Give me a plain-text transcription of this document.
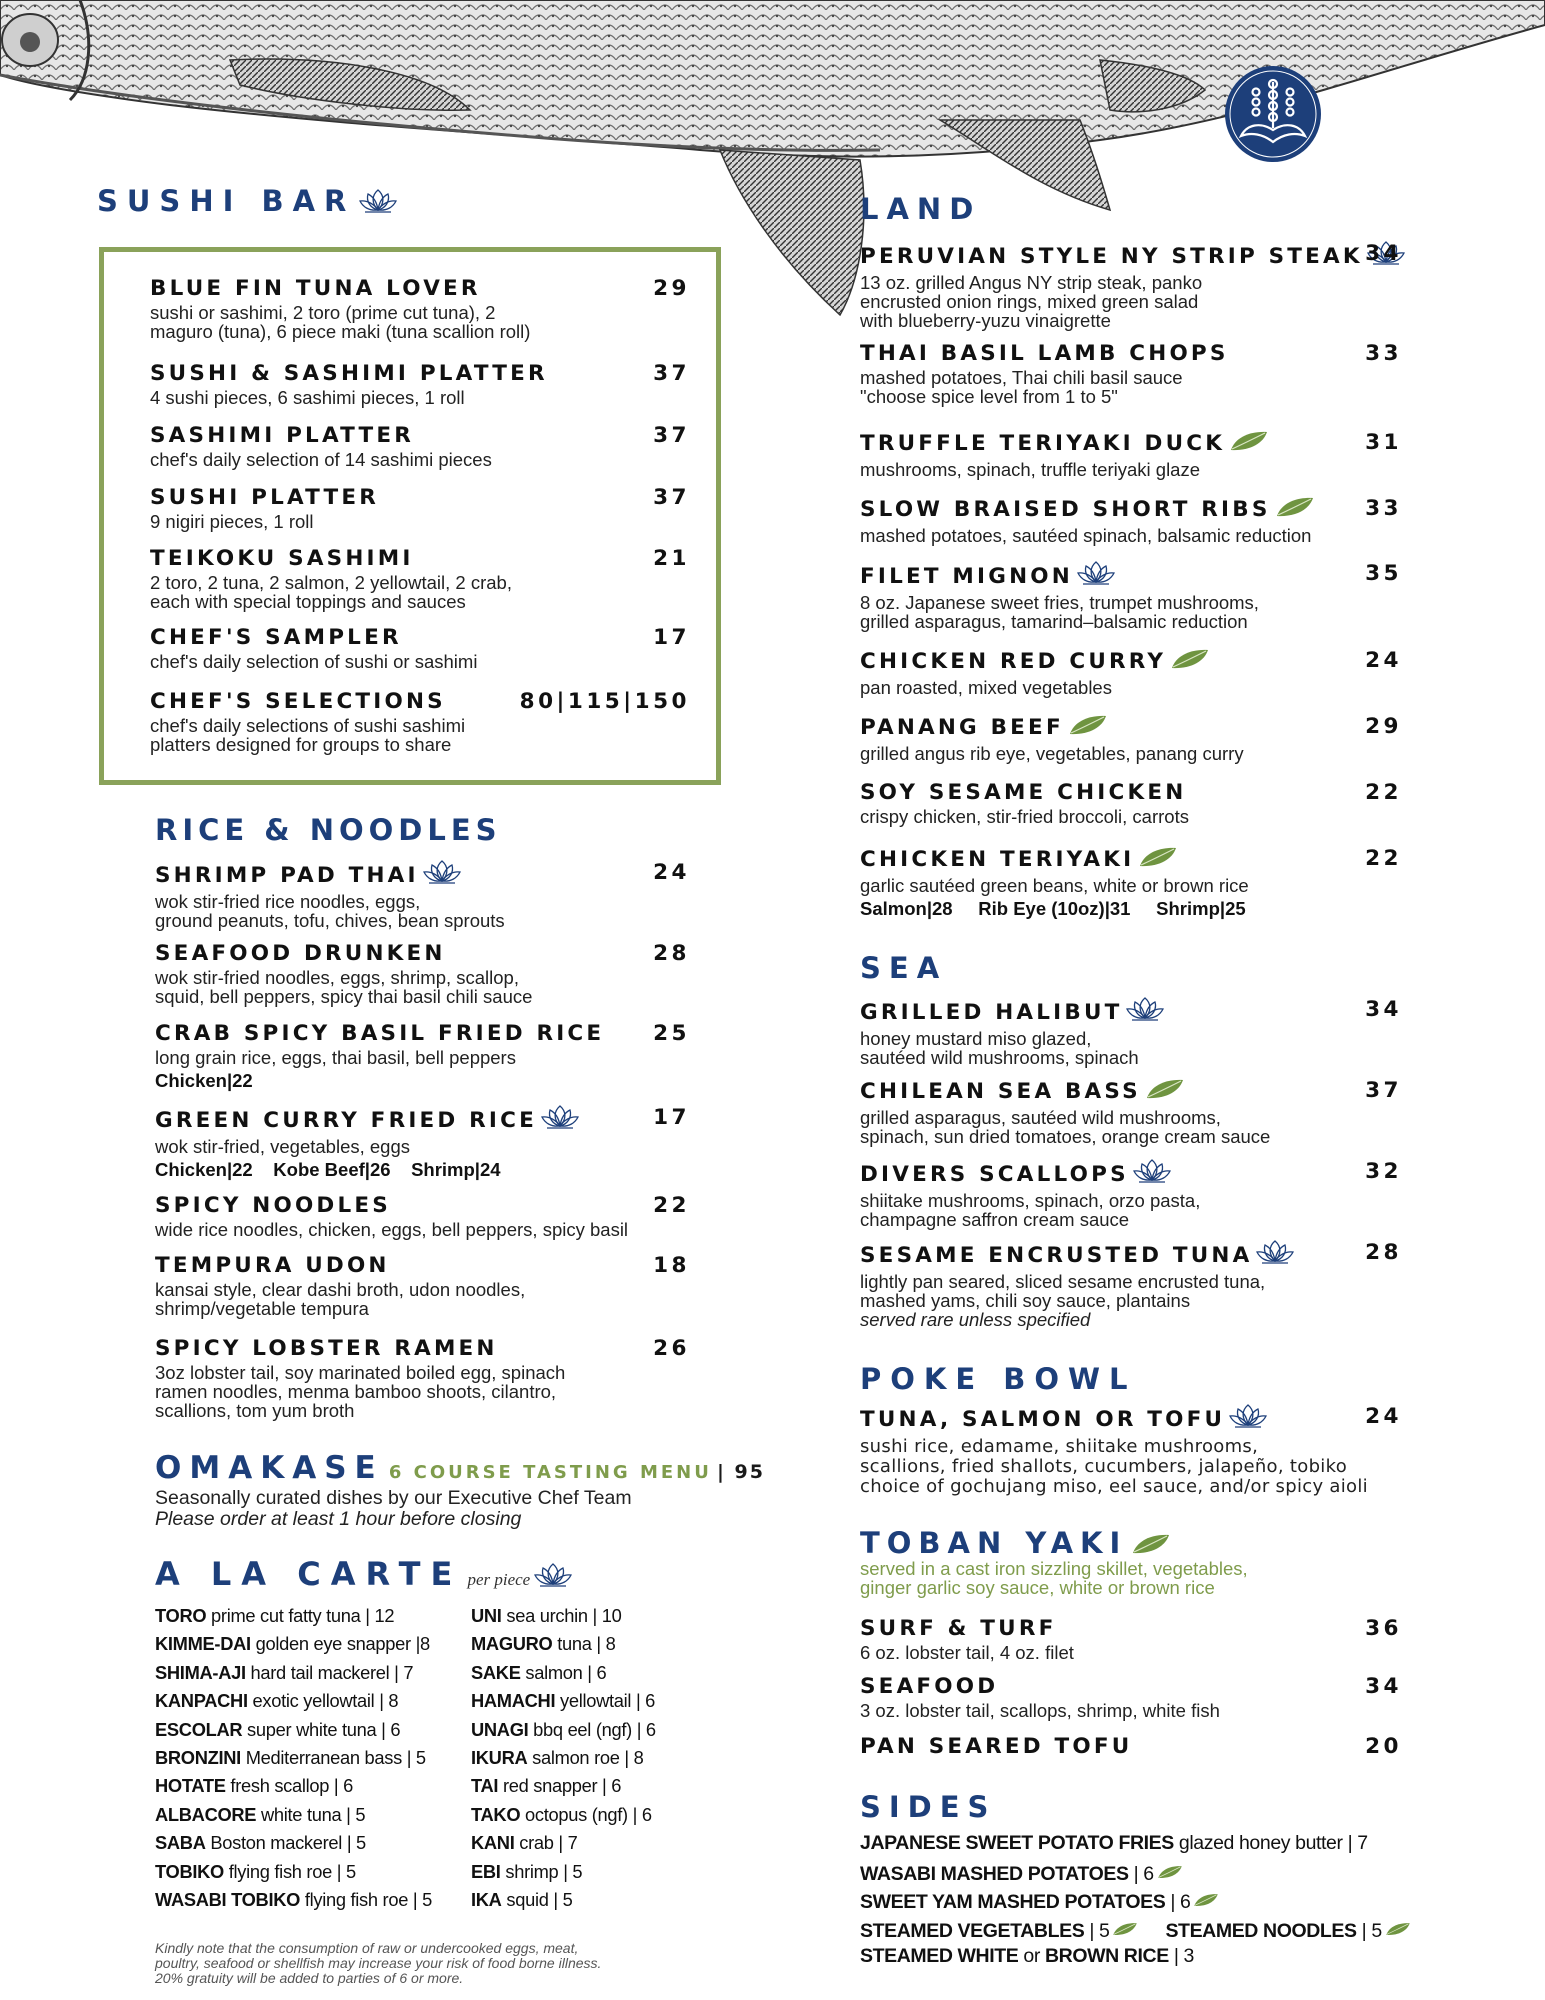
SUSHI BAR
BLUE FIN TUNA LOVER	29
sushi or sashimi, 2 toro (prime cut tuna), 2
maguro (tuna), 6 piece maki (tuna scallion roll)
SUSHI & SASHIMI PLATTER	37
4 sushi pieces, 6 sashimi pieces, 1 roll
SASHIMI PLATTER	37
chef's daily selection of 14 sashimi pieces
SUSHI PLATTER	37
9 nigiri pieces, 1 roll
TEIKOKU SASHIMI	21
2 toro, 2 tuna, 2 salmon, 2 yellowtail, 2 crab,
each with special toppings and sauces
CHEF'S SAMPLER	17
chef's daily selection of sushi or sashimi
CHEF'S SELECTIONS	80|115|150
chef's daily selections of sushi sashimi
platters designed for groups to share
RICE & NOODLES
SHRIMP PAD THAI	24
wok stir-fried rice noodles, eggs,
ground peanuts, tofu, chives, bean sprouts
SEAFOOD DRUNKEN	28
wok stir-fried noodles, eggs, shrimp, scallop,
squid, bell peppers, spicy thai basil chili sauce
CRAB SPICY BASIL FRIED RICE	25
long grain rice, eggs, thai basil, bell peppers
Chicken|22
GREEN CURRY FRIED RICE	17
wok stir-fried, vegetables, eggs
Chicken|22    Kobe Beef|26    Shrimp|24
SPICY NOODLES	22
wide rice noodles, chicken, eggs, bell peppers, spicy basil
TEMPURA UDON	18
kansai style, clear dashi broth, udon noodles,
shrimp/vegetable tempura
SPICY LOBSTER RAMEN	26
3oz lobster tail, soy marinated boiled egg, spinach
ramen noodles, menma bamboo shoots, cilantro,
scallions, tom yum broth
OMAKASE 6 COURSE TASTING MENU | 95
Seasonally curated dishes by our Executive Chef Team
Please order at least 1 hour before closing
A LA CARTE per piece
TORO prime cut fatty tuna | 12
KIMME-DAI golden eye snapper |8
SHIMA-AJI hard tail mackerel | 7
KANPACHI exotic yellowtail | 8
ESCOLAR super white tuna | 6
BRONZINI Mediterranean bass | 5
HOTATE fresh scallop | 6
ALBACORE white tuna | 5
SABA Boston mackerel | 5
TOBIKO flying fish roe | 5
WASABI TOBIKO flying fish roe | 5
UNI sea urchin | 10
MAGURO tuna | 8
SAKE salmon | 6
HAMACHI yellowtail | 6
UNAGI bbq eel (ngf) | 6
IKURA salmon roe | 8
TAI red snapper | 6
TAKO octopus (ngf) | 6
KANI crab | 7
EBI shrimp | 5
IKA squid | 5
Kindly note that the consumption of raw or undercooked eggs, meat,
poultry, seafood or shellfish may increase your risk of food borne illness.
20% gratuity will be added to parties of 6 or more.
LAND
PERUVIAN STYLE NY STRIP STEAK 34
13 oz. grilled Angus NY strip steak, panko
encrusted onion rings, mixed green salad
with blueberry-yuzu vinaigrette
THAI BASIL LAMB CHOPS	33
mashed potatoes, Thai chili basil sauce
"choose spice level from 1 to 5"
TRUFFLE TERIYAKI DUCK	31
mushrooms, spinach, truffle teriyaki glaze
SLOW BRAISED SHORT RIBS	33
mashed potatoes, sautéed spinach, balsamic reduction
FILET MIGNON	35
8 oz. Japanese sweet fries, trumpet mushrooms,
grilled asparagus, tamarind–balsamic reduction
CHICKEN RED CURRY	24
pan roasted, mixed vegetables
PANANG BEEF	29
grilled angus rib eye, vegetables, panang curry
SOY SESAME CHICKEN	22
crispy chicken, stir-fried broccoli, carrots
CHICKEN TERIYAKI	22
garlic sautéed green beans, white or brown rice
Salmon|28     Rib Eye (10oz)|31     Shrimp|25
SEA
GRILLED HALIBUT	34
honey mustard miso glazed,
sautéed wild mushrooms, spinach
CHILEAN SEA BASS	37
grilled asparagus, sautéed wild mushrooms,
spinach, sun dried tomatoes, orange cream sauce
DIVERS SCALLOPS	32
shiitake mushrooms, spinach, orzo pasta,
champagne saffron cream sauce
SESAME ENCRUSTED TUNA	28
lightly pan seared, sliced sesame encrusted tuna,
mashed yams, chili soy sauce, plantains
served rare unless specified
POKE BOWL
TUNA, SALMON OR TOFU	24
sushi rice, edamame, shiitake mushrooms,
scallions, fried shallots, cucumbers, jalapeño, tobiko
choice of gochujang miso, eel sauce, and/or spicy aioli
TOBAN YAKI
served in a cast iron sizzling skillet, vegetables,
ginger garlic soy sauce, white or brown rice
SURF & TURF	36
6 oz. lobster tail, 4 oz. filet
SEAFOOD	34
3 oz. lobster tail, scallops, shrimp, white fish
PAN SEARED TOFU	20
SIDES
JAPANESE SWEET POTATO FRIES glazed honey butter | 7
WASABI MASHED POTATOES | 6
SWEET YAM MASHED POTATOES | 6
STEAMED VEGETABLES | 5	STEAMED NOODLES | 5
STEAMED WHITE or BROWN RICE | 3
